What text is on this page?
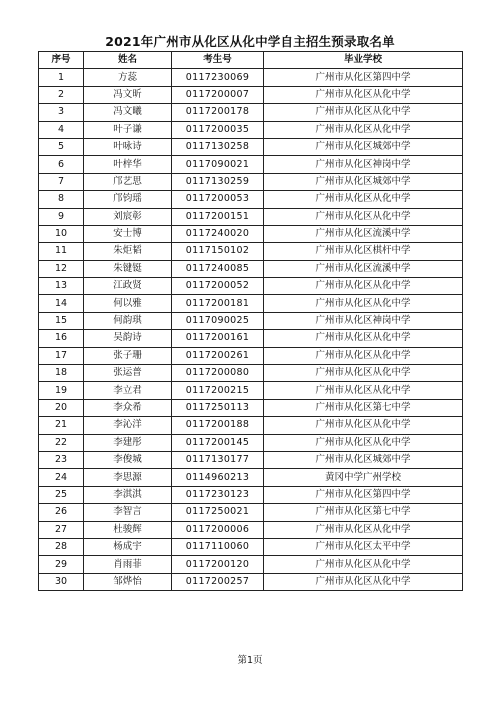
2021年广州市从化区从化中学自主招生预录取名单
序号	姓名	考生号	毕业学校
1	方蕊	0117230069	广州市从化区第四中学
2	冯文昕	0117200007	广州市从化区从化中学
3	冯文曦	0117200178	广州市从化区从化中学
4	叶子谦	0117200035	广州市从化区从化中学
5	叶咏诗	0117130258	广州市从化区城郊中学
6	叶梓华	0117090021	广州市从化区神岗中学
7	邝艺思	0117130259	广州市从化区城郊中学
8	邝钧瑶	0117200053	广州市从化区从化中学
9	刘宸彰	0117200151	广州市从化区从化中学
10	安士博	0117240020	广州市从化区流溪中学
11	朱炬韬	0117150102	广州市从化区棋杆中学
12	朱键铤	0117240085	广州市从化区流溪中学
13	江政贤	0117200052	广州市从化区从化中学
14	何以雅	0117200181	广州市从化区从化中学
15	何韵琪	0117090025	广州市从化区神岗中学
16	吴韵诗	0117200161	广州市从化区从化中学
17	张子珊	0117200261	广州市从化区从化中学
18	张运普	0117200080	广州市从化区从化中学
19	李立君	0117200215	广州市从化区从化中学
20	李众希	0117250113	广州市从化区第七中学
21	李沁洋	0117200188	广州市从化区从化中学
22	李建彤	0117200145	广州市从化区从化中学
23	李俊城	0117130177	广州市从化区城郊中学
24	李思源	0114960213	黄冈中学广州学校
25	李淇淇	0117230123	广州市从化区第四中学
26	李智言	0117250021	广州市从化区第七中学
27	杜骏辉	0117200006	广州市从化区从化中学
28	杨成宇	0117110060	广州市从化区太平中学
29	肖雨菲	0117200120	广州市从化区从化中学
30	邹烨怡	0117200257	广州市从化区从化中学
第1页
